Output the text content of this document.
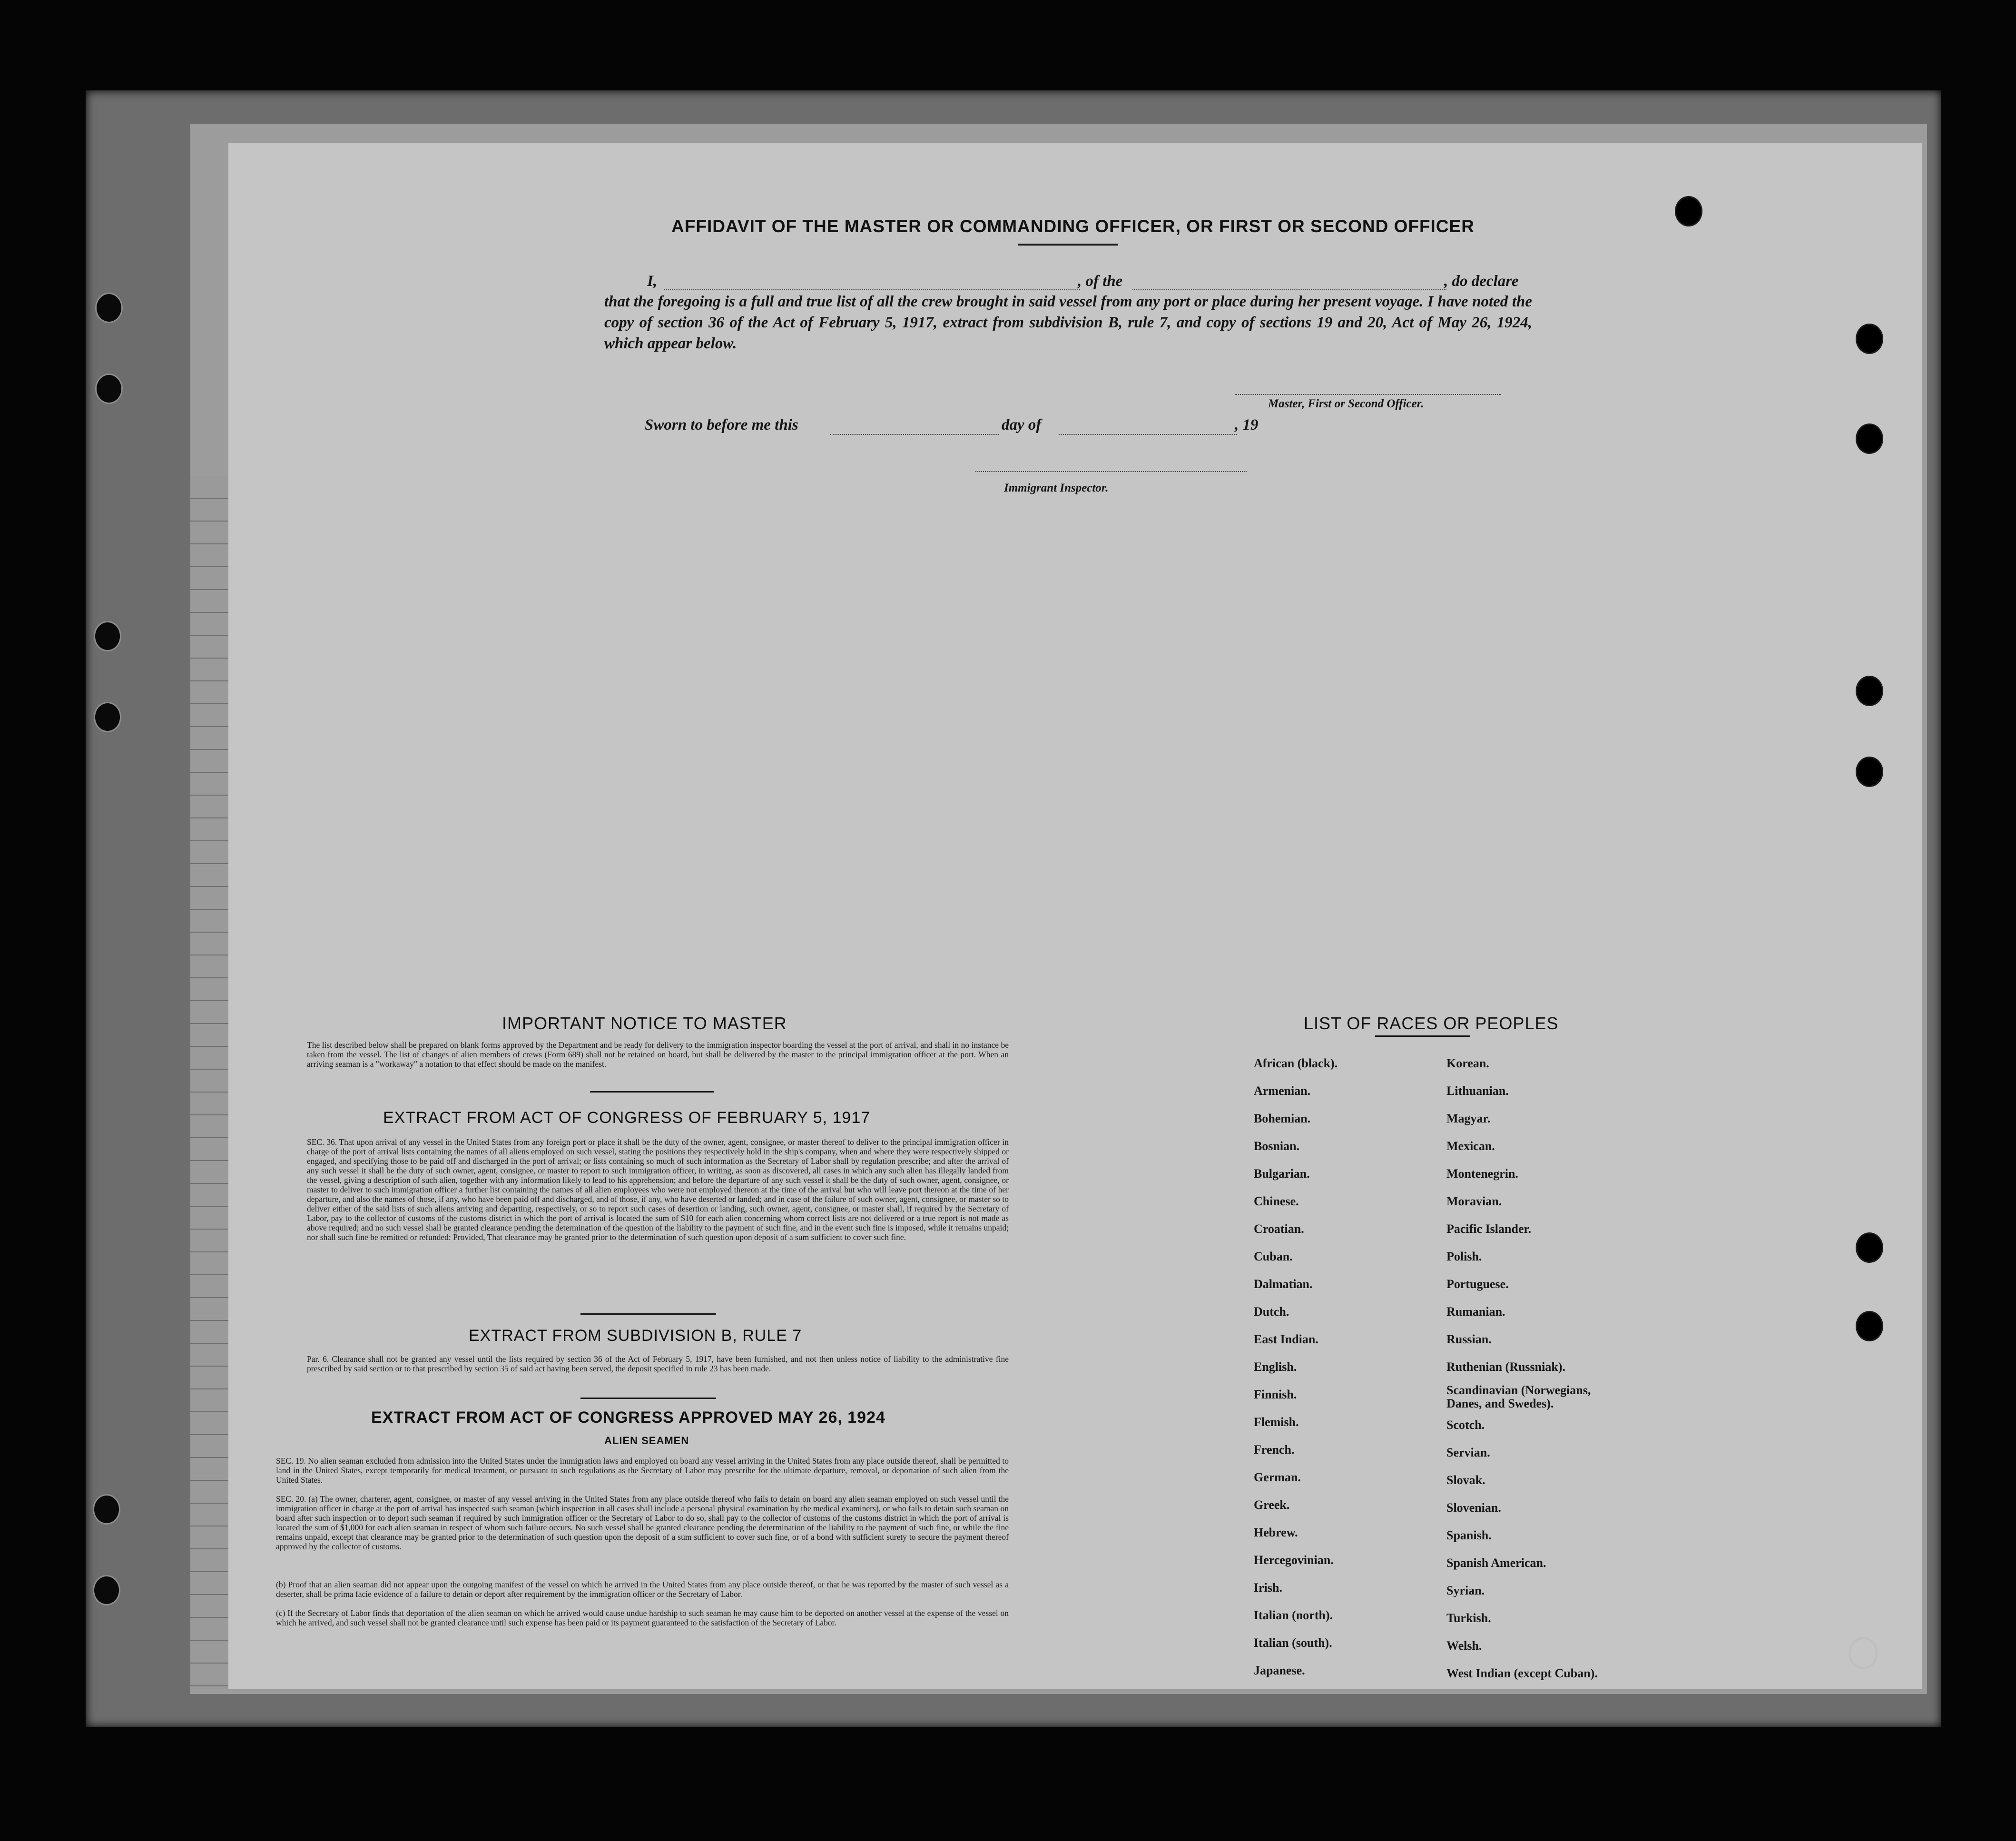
AFFIDAVIT OF THE MASTER OR COMMANDING OFFICER, OR FIRST OR SECOND OFFICER
I,	, of the	, do declare
that the foregoing is a full and true list of all the crew brought in said vessel from any port or place during her present voyage. I have noted the copy of section 36 of the Act of February 5, 1917, extract from subdivision B, rule 7, and copy of sections 19 and 20, Act of May 26, 1924, which appear below.
Master, First or Second Officer.
Sworn to before me this	day of	, 19
Immigrant Inspector.
IMPORTANT NOTICE TO MASTER
The list described below shall be prepared on blank forms approved by the Department and be ready for delivery to the immigration inspector boarding the vessel at the port of arrival, and shall in no instance be taken from the vessel. The list of changes of alien members of crews (Form 689) shall not be retained on board, but shall be delivered by the master to the principal immigration officer at the port. When an arriving seaman is a "workaway" a notation to that effect should be made on the manifest.
EXTRACT FROM ACT OF CONGRESS OF FEBRUARY 5, 1917
SEC. 36. That upon arrival of any vessel in the United States from any foreign port or place it shall be the duty of the owner, agent, consignee, or master thereof to deliver to the principal immigration officer in charge of the port of arrival lists containing the names of all aliens employed on such vessel, stating the positions they respectively hold in the ship's company, when and where they were respectively shipped or engaged, and specifying those to be paid off and discharged in the port of arrival; or lists containing so much of such information as the Secretary of Labor shall by regulation prescribe; and after the arrival of any such vessel it shall be the duty of such owner, agent, consignee, or master to report to such immigration officer, in writing, as soon as discovered, all cases in which any such alien has illegally landed from the vessel, giving a description of such alien, together with any information likely to lead to his apprehension; and before the departure of any such vessel it shall be the duty of such owner, agent, consignee, or master to deliver to such immigration officer a further list containing the names of all alien employees who were not employed thereon at the time of the arrival but who will leave port thereon at the time of her departure, and also the names of those, if any, who have been paid off and discharged, and of those, if any, who have deserted or landed; and in case of the failure of such owner, agent, consignee, or master so to deliver either of the said lists of such aliens arriving and departing, respectively, or so to report such cases of desertion or landing, such owner, agent, consignee, or master shall, if required by the Secretary of Labor, pay to the collector of customs of the customs district in which the port of arrival is located the sum of $10 for each alien concerning whom correct lists are not delivered or a true report is not made as above required; and no such vessel shall be granted clearance pending the determination of the question of the liability to the payment of such fine, and in the event such fine is imposed, while it remains unpaid; nor shall such fine be remitted or refunded: Provided, That clearance may be granted prior to the determination of such question upon deposit of a sum sufficient to cover such fine.
EXTRACT FROM SUBDIVISION B, RULE 7
Par. 6. Clearance shall not be granted any vessel until the lists required by section 36 of the Act of February 5, 1917, have been furnished, and not then unless notice of liability to the administrative fine prescribed by said section or to that prescribed by section 35 of said act having been served, the deposit specified in rule 23 has been made.
EXTRACT FROM ACT OF CONGRESS APPROVED MAY 26, 1924
ALIEN SEAMEN
SEC. 19. No alien seaman excluded from admission into the United States under the immigration laws and employed on board any vessel arriving in the United States from any place outside thereof, shall be permitted to land in the United States, except temporarily for medical treatment, or pursuant to such regulations as the Secretary of Labor may prescribe for the ultimate departure, removal, or deportation of such alien from the United States.
SEC. 20. (a) The owner, charterer, agent, consignee, or master of any vessel arriving in the United States from any place outside thereof who fails to detain on board any alien seaman employed on such vessel until the immigration officer in charge at the port of arrival has inspected such seaman (which inspection in all cases shall include a personal physical examination by the medical examiners), or who fails to detain such seaman on board after such inspection or to deport such seaman if required by such immigration officer or the Secretary of Labor to do so, shall pay to the collector of customs of the customs district in which the port of arrival is located the sum of $1,000 for each alien seaman in respect of whom such failure occurs. No such vessel shall be granted clearance pending the determination of the liability to the payment of such fine, or while the fine remains unpaid, except that clearance may be granted prior to the determination of such question upon the deposit of a sum sufficient to cover such fine, or of a bond with sufficient surety to secure the payment thereof approved by the collector of customs.
(b) Proof that an alien seaman did not appear upon the outgoing manifest of the vessel on which he arrived in the United States from any place outside thereof, or that he was reported by the master of such vessel as a deserter, shall be prima facie evidence of a failure to detain or deport after requirement by the immigration officer or the Secretary of Labor.
(c) If the Secretary of Labor finds that deportation of the alien seaman on which he arrived would cause undue hardship to such seaman he may cause him to be deported on another vessel at the expense of the vessel on which he arrived, and such vessel shall not be granted clearance until such expense has been paid or its payment guaranteed to the satisfaction of the Secretary of Labor.
LIST OF RACES OR PEOPLES
African (black).
Armenian.
Bohemian.
Bosnian.
Bulgarian.
Chinese.
Croatian.
Cuban.
Dalmatian.
Dutch.
East Indian.
English.
Finnish.
Flemish.
French.
German.
Greek.
Hebrew.
Hercegovinian.
Irish.
Italian (north).
Italian (south).
Japanese.
Korean.
Lithuanian.
Magyar.
Mexican.
Montenegrin.
Moravian.
Pacific Islander.
Polish.
Portuguese.
Rumanian.
Russian.
Ruthenian (Russniak).
Scandinavian (Norwegians, Danes, and Swedes).
Scotch.
Servian.
Slovak.
Slovenian.
Spanish.
Spanish American.
Syrian.
Turkish.
Welsh.
West Indian (except Cuban).
